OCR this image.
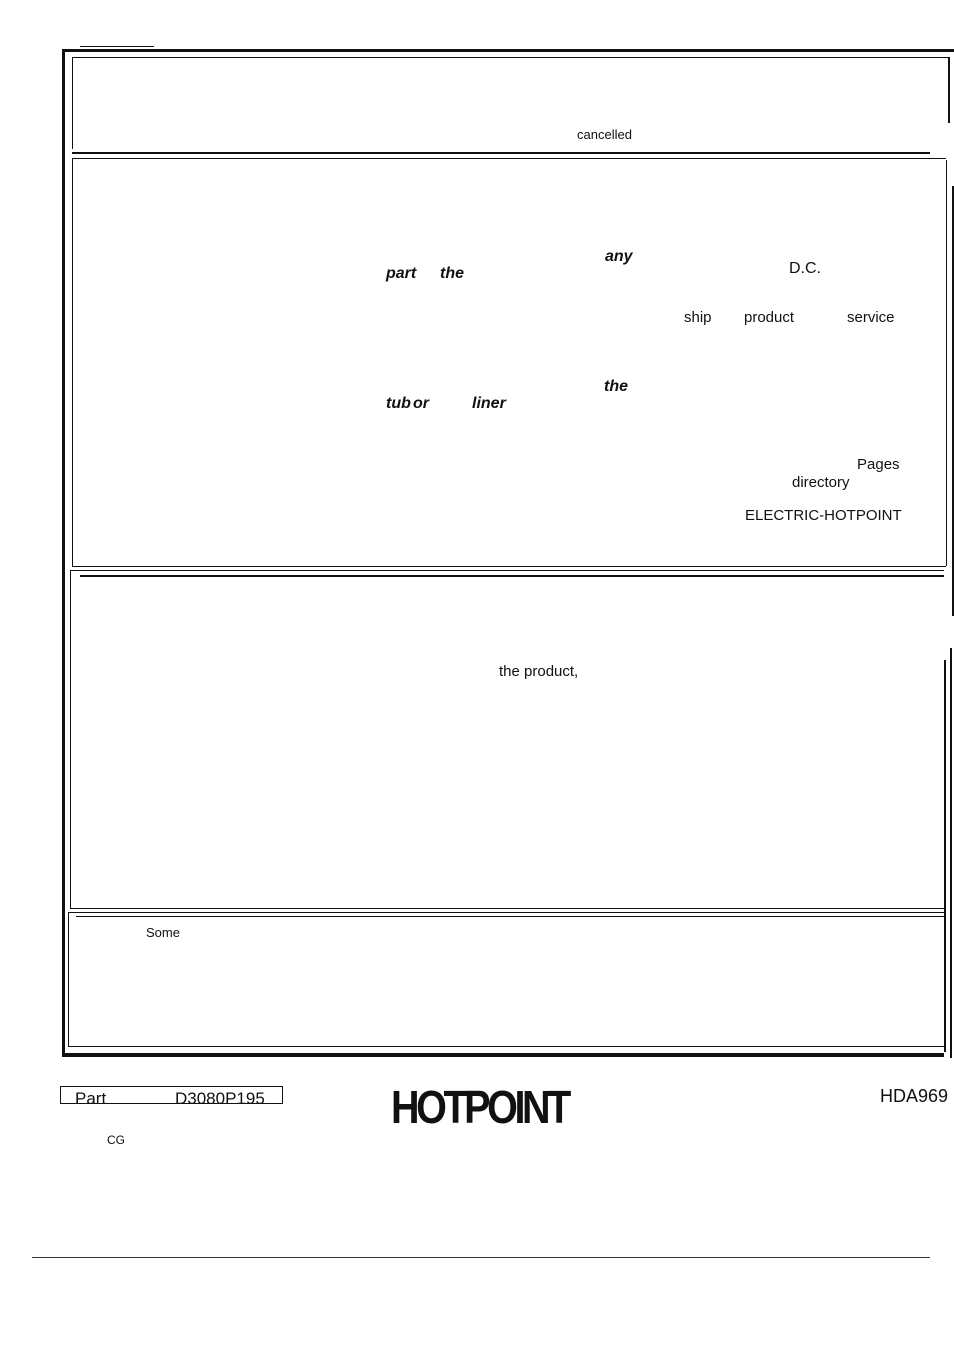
cancelled
any
part the	D.C.
ship product	service
the
tub or	liner
Pages
directory
ELECTRIC-HOTPOINT
the product,
Some
Part	D3080P195
CG
HOTPOINT	HDA969
